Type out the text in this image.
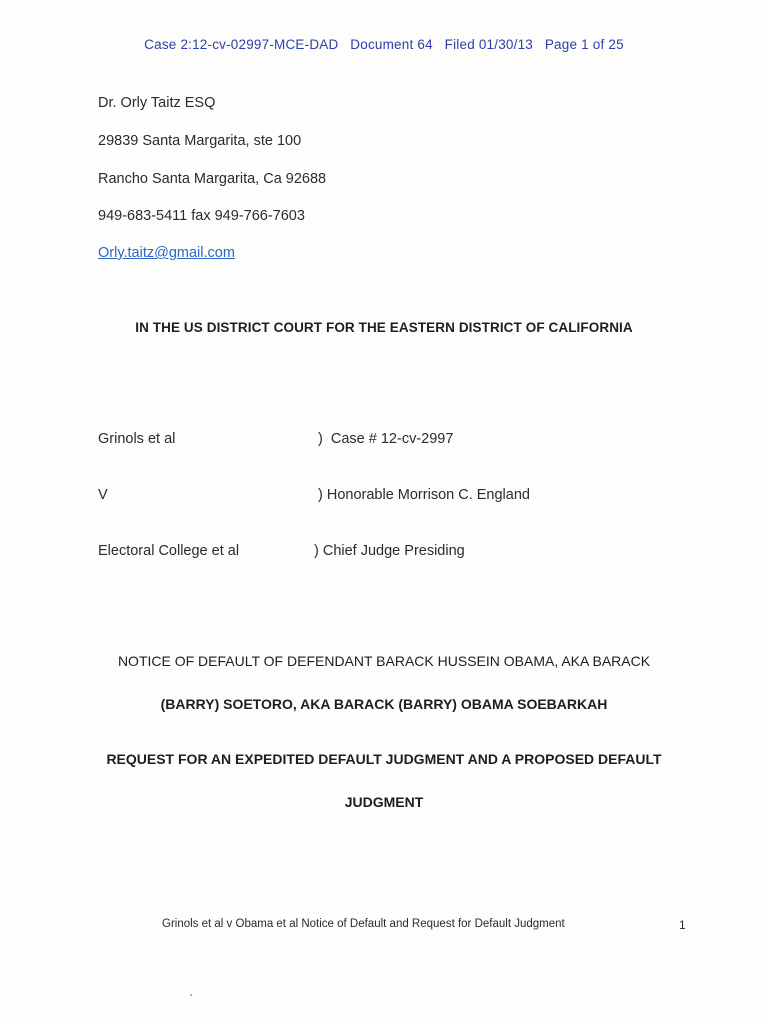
Case 2:12-cv-02997-MCE-DAD   Document 64   Filed 01/30/13   Page 1 of 25
Dr. Orly Taitz ESQ
29839 Santa Margarita, ste 100
Rancho Santa Margarita, Ca 92688
949-683-5411 fax 949-766-7603
Orly.taitz@gmail.com
IN THE US DISTRICT COURT FOR THE EASTERN DISTRICT OF CALIFORNIA
Grinols et al	)  Case # 12-cv-2997
V	) Honorable Morrison C. England
Electoral College et al	) Chief Judge Presiding
NOTICE OF DEFAULT OF DEFENDANT BARACK HUSSEIN OBAMA, AKA BARACK
(BARRY) SOETORO, AKA BARACK (BARRY) OBAMA SOEBARKAH
REQUEST FOR AN EXPEDITED DEFAULT JUDGMENT AND A PROPOSED DEFAULT
JUDGMENT
Grinols et al v Obama et al Notice of Default and Request for Default Judgment	1
